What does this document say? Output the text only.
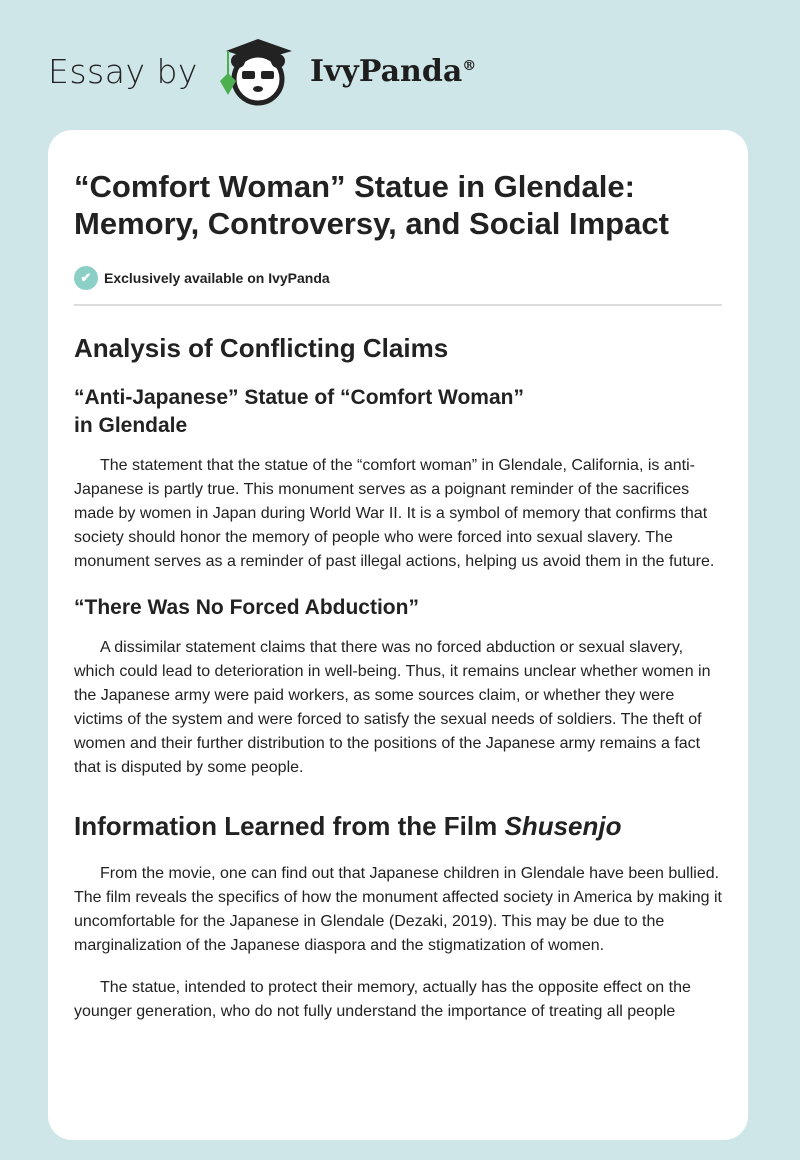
Essay by	IvyPanda®
“Comfort Woman” Statue in Glendale: Memory, Controversy, and Social Impact
✔ Exclusively available on IvyPanda
Analysis of Conflicting Claims
“Anti-Japanese” Statue of “Comfort Woman”
in Glendale

The statement that the statue of the “comfort woman” in Glendale, California, is anti-Japanese is partly true. This monument serves as a poignant reminder of the sacrifices made by women in Japan during World War II. It is a symbol of memory that confirms that society should honor the memory of people who were forced into sexual slavery. The monument serves as a reminder of past illegal actions, helping us avoid them in the future.

“There Was No Forced Abduction”

A dissimilar statement claims that there was no forced abduction or sexual slavery, which could lead to deterioration in well-being. Thus, it remains unclear whether women in the Japanese army were paid workers, as some sources claim, or whether they were victims of the system and were forced to satisfy the sexual needs of soldiers. The theft of women and their further distribution to the positions of the Japanese army remains a fact that is disputed by some people.

Information Learned from the Film Shusenjo

From the movie, one can find out that Japanese children in Glendale have been bullied. The film reveals the specifics of how the monument affected society in America by making it uncomfortable for the Japanese in Glendale (Dezaki, 2019). This may be due to the marginalization of the Japanese diaspora and the stigmatization of women.

The statue, intended to protect their memory, actually has the opposite effect on the younger generation, who do not fully understand the importance of treating all people
